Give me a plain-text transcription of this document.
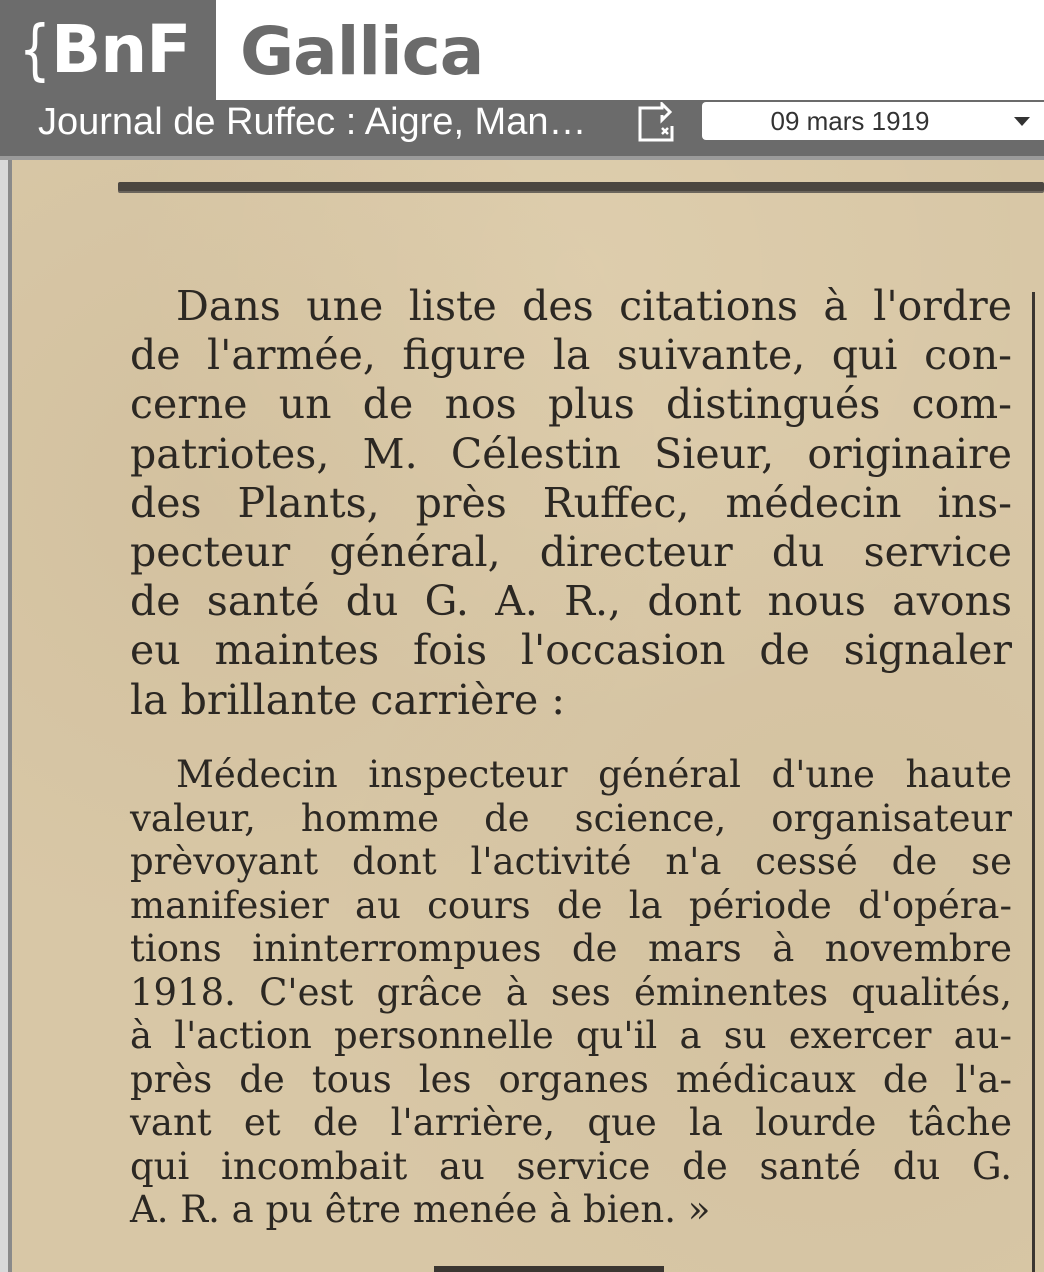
{BnF Gallica
Journal de Ruffec : Aigre, Man…	09 mars 1919
Dans une liste des citations à l'ordre
de l'armée, figure la suivante, qui con-
cerne un de nos plus distingués com-
patriotes, M. Célestin Sieur, originaire
des Plants, près Ruffec, médecin ins-
pecteur général, directeur du service
de santé du G. A. R., dont nous avons
eu maintes fois l'occasion de signaler
la brillante carrière :
Médecin inspecteur général d'une haute
valeur, homme de science, organisateur
prèvoyant dont l'activité n'a cessé de se
manifesier au cours de la période d'opéra-
tions ininterrompues de mars à novembre
1918. C'est grâce à ses éminentes qualités,
à l'action personnelle qu'il a su exercer au-
près de tous les organes médicaux de l'a-
vant et de l'arrière, que la lourde tâche
qui incombait au service de santé du G.
A. R. a pu être menée à bien. »
